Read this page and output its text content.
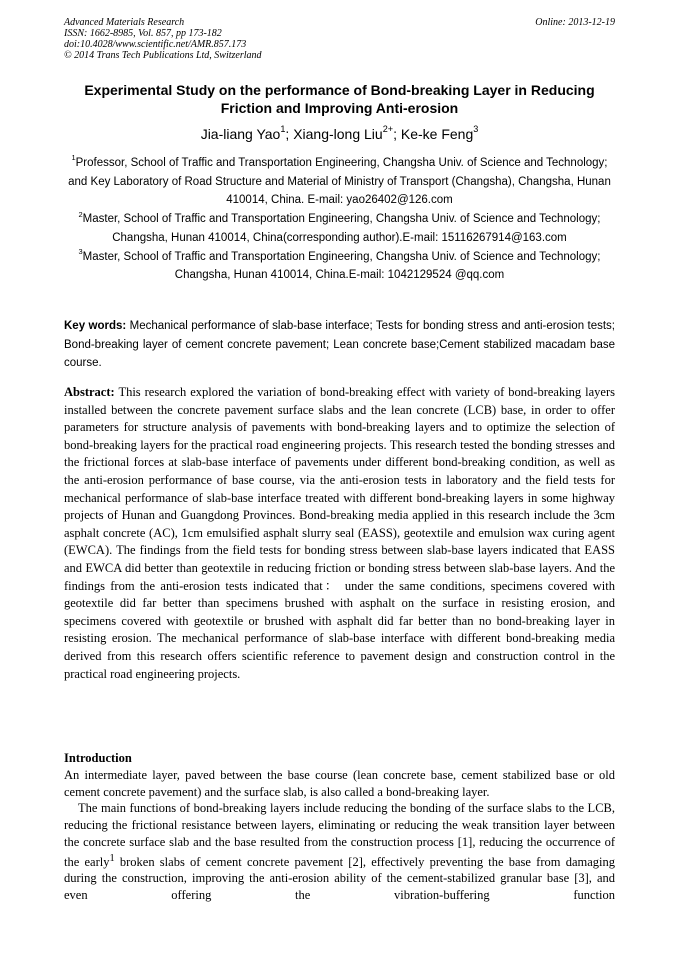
Advanced Materials Research
ISSN: 1662-8985, Vol. 857, pp 173-182
doi:10.4028/www.scientific.net/AMR.857.173
© 2014 Trans Tech Publications Ltd, Switzerland
Online: 2013-12-19
Experimental Study on the performance of Bond-breaking Layer in Reducing Friction and Improving Anti-erosion
Jia-liang Yao$^1$; Xiang-long Liu$^{2+}$; Ke-ke Feng$^3$

$^1$Professor, School of Traffic and Transportation Engineering, Changsha Univ. of Science and Technology; and Key Laboratory of Road Structure and Material of Ministry of Transport (Changsha), Changsha, Hunan 410014, China. E-mail: yao26402@126.com

$^2$Master, School of Traffic and Transportation Engineering, Changsha Univ. of Science and Technology; Changsha, Hunan 410014, China(corresponding author).E-mail: 15116267914@163.com

$^3$Master, School of Traffic and Transportation Engineering, Changsha Univ. of Science and Technology; Changsha, Hunan 410014, China.E-mail: 1042129524 @qq.com

Key words: Mechanical performance of slab-base interface; Tests for bonding stress and anti-erosion tests; Bond-breaking layer of cement concrete pavement; Lean concrete base;Cement stabilized macadam base course.
Abstract: This research explored the variation of bond-breaking effect with variety of bond-breaking layers installed between the concrete pavement surface slabs and the lean concrete (LCB) base, in order to offer parameters for structure analysis of pavements with bond-breaking layers and to optimize the selection of bond-breaking layers for the practical road engineering projects. This research tested the bonding stresses and the frictional forces at slab-base interface of pavements under different bond-breaking condition, as well as the anti-erosion performance of base course, via the anti-erosion tests in laboratory and the field tests for mechanical performance of slab-base interface treated with different bond-breaking layers in some highway projects of Hunan and Guangdong Provinces. Bond-breaking media applied in this research include the 3cm asphalt concrete (AC), 1cm emulsified asphalt slurry seal (EASS), geotextile and emulsion wax curing agent (EWCA). The findings from the field tests for bonding stress between slab-base layers indicated that EASS and EWCA did better than geotextile in reducing friction or bonding stress between slab-base layers. And the findings from the anti-erosion tests indicated that： under the same conditions, specimens covered with geotextile did far better than specimens brushed with asphalt on the surface in resisting erosion, and specimens covered with geotextile or brushed with asphalt did far better than no bond-breaking layer in resisting erosion. The mechanical performance of slab-base interface with different bond-breaking media derived from this research offers scientific reference to pavement design and construction control in the practical road engineering projects.
Introduction

An intermediate layer, paved between the base course (lean concrete base, cement stabilized base or old cement concrete pavement) and the surface slab, is also called a bond-breaking layer.

The main functions of bond-breaking layers include reducing the bonding of the surface slabs to the LCB, reducing the frictional resistance between layers, eliminating or reducing the weak transition layer between the concrete surface slab and the base resulted from the construction process [1], reducing the occurrence of the early$^1$ broken slabs of cement concrete pavement [2], effectively preventing the base from damaging during the construction, improving the anti-erosion ability of the cement-stabilized granular base [3], and even offering the vibration-buffering function
